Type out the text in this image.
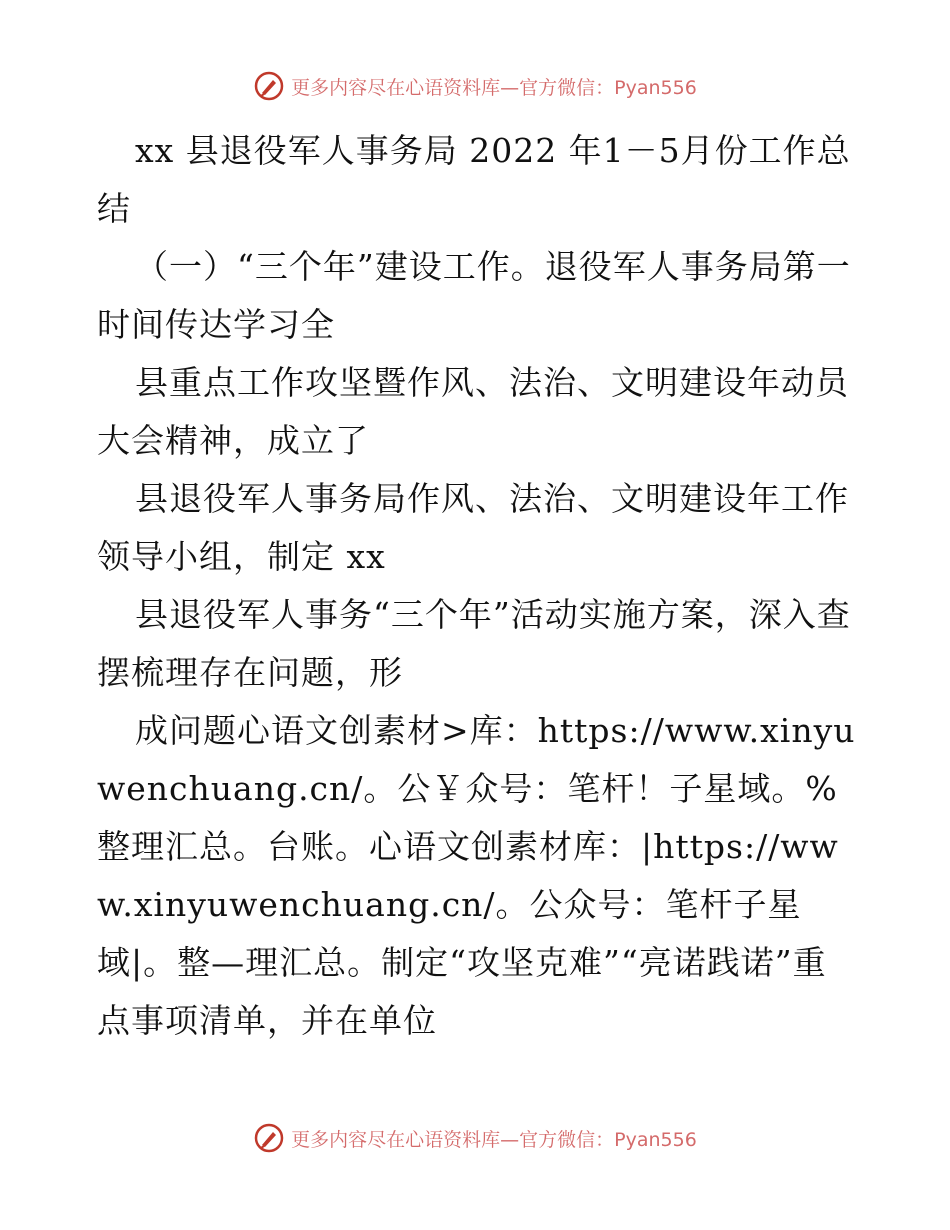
更多内容尽在心语资料库—官方微信：Pyan556

xx 县退役军人事务局 2022 年1－5月份工作总结

（一）“三个年”建设工作。退役军人事务局第一时间传达学习全

县重点工作攻坚暨作风、法治、文明建设年动员大会精神，成立了

县退役军人事务局作风、法治、文明建设年工作领导小组，制定 xx

县退役军人事务“三个年”活动实施方案，深入查摆梳理存在问题，形

成问题心语文创素材>库：https://www.xinyuwenchuang.cn/。公￥众号：笔杆！子星域。%整理汇总。台账。心语文创素材库：|https://www.xinyuwenchuang.cn/。公众号：笔杆子星域|。整—理汇总。制定“攻坚克难”“亮诺践诺”重点事项清单，并在单位

更多内容尽在心语资料库—官方微信：Pyan556
